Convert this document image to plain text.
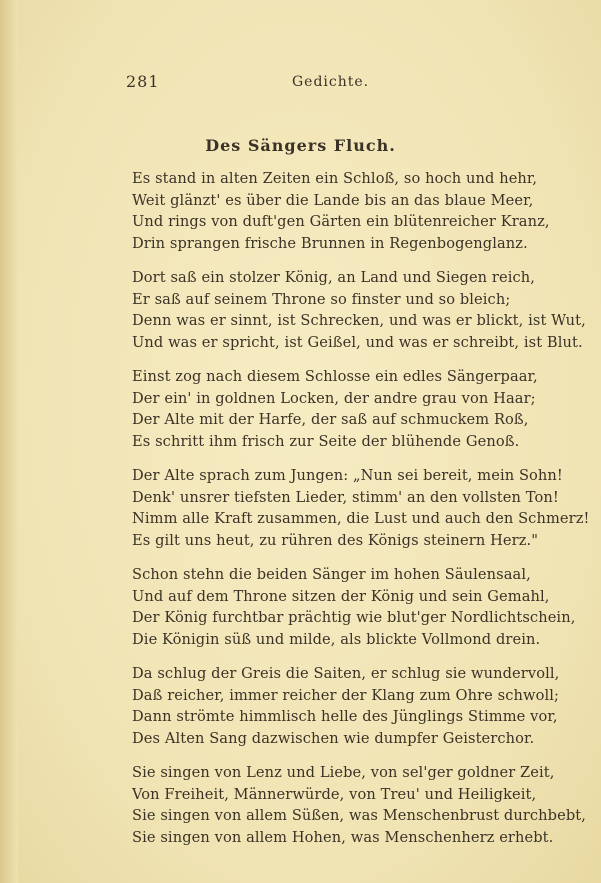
281	Gedichte.
Des Sängers Fluch.
Es stand in alten Zeiten ein Schloß, so hoch und hehr,
Weit glänzt' es über die Lande bis an das blaue Meer,
Und rings von duft'gen Gärten ein blütenreicher Kranz,
Drin sprangen frische Brunnen in Regenbogenglanz.
Dort saß ein stolzer König, an Land und Siegen reich,
Er saß auf seinem Throne so finster und so bleich;
Denn was er sinnt, ist Schrecken, und was er blickt, ist Wut,
Und was er spricht, ist Geißel, und was er schreibt, ist Blut.
Einst zog nach diesem Schlosse ein edles Sängerpaar,
Der ein' in goldnen Locken, der andre grau von Haar;
Der Alte mit der Harfe, der saß auf schmuckem Roß,
Es schritt ihm frisch zur Seite der blühende Genoß.
Der Alte sprach zum Jungen: „Nun sei bereit, mein Sohn!
Denk' unsrer tiefsten Lieder, stimm' an den vollsten Ton!
Nimm alle Kraft zusammen, die Lust und auch den Schmerz!
Es gilt uns heut, zu rühren des Königs steinern Herz."
Schon stehn die beiden Sänger im hohen Säulensaal,
Und auf dem Throne sitzen der König und sein Gemahl,
Der König furchtbar prächtig wie blut'ger Nordlichtschein,
Die Königin süß und milde, als blickte Vollmond drein.
Da schlug der Greis die Saiten, er schlug sie wundervoll,
Daß reicher, immer reicher der Klang zum Ohre schwoll;
Dann strömte himmlisch helle des Jünglings Stimme vor,
Des Alten Sang dazwischen wie dumpfer Geisterchor.
Sie singen von Lenz und Liebe, von sel'ger goldner Zeit,
Von Freiheit, Männerwürde, von Treu' und Heiligkeit,
Sie singen von allem Süßen, was Menschenbrust durchbebt,
Sie singen von allem Hohen, was Menschenherz erhebt.
